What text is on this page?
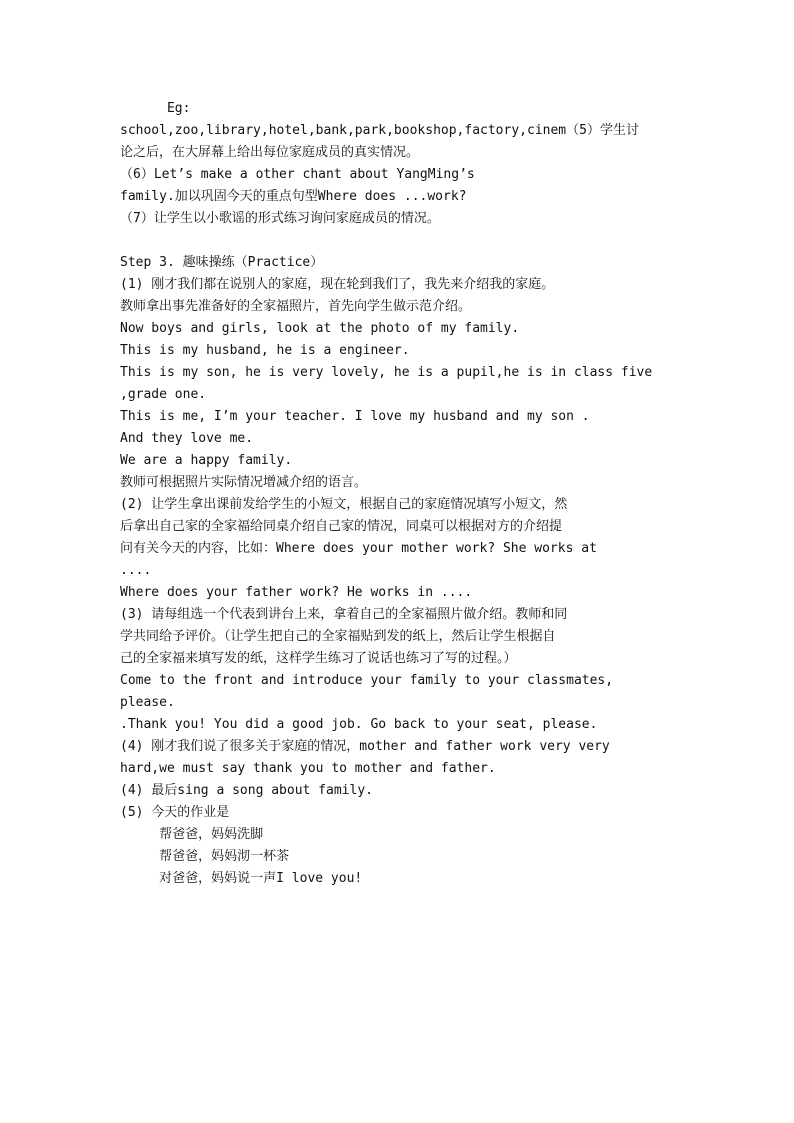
Eg:
school,zoo,library,hotel,bank,park,bookshop,factory,cinem（5）学生讨
论之后，在大屏幕上给出每位家庭成员的真实情况。
（6）Let’s make a other chant about YangMing’s
family.加以巩固今天的重点句型Where does ...work?
（7）让学生以小歌谣的形式练习询问家庭成员的情况。
Step 3. 趣味操练（Practice）
(1) 刚才我们都在说别人的家庭，现在轮到我们了，我先来介绍我的家庭。
教师拿出事先准备好的全家福照片，首先向学生做示范介绍。
Now boys and girls, look at the photo of my family.
This is my husband, he is a engineer.
This is my son, he is very lovely, he is a pupil,he is in class five
,grade one.
This is me, I’m your teacher. I love my husband and my son .
And they love me.
We are a happy family.
教师可根据照片实际情况增减介绍的语言。
(2) 让学生拿出课前发给学生的小短文，根据自己的家庭情况填写小短文，然
后拿出自己家的全家福给同桌介绍自己家的情况，同桌可以根据对方的介绍提
问有关今天的内容，比如：Where does your mother work? She works at
....
Where does your father work? He works in ....
(3) 请每组选一个代表到讲台上来，拿着自己的全家福照片做介绍。教师和同
学共同给予评价。（让学生把自己的全家福贴到发的纸上，然后让学生根据自
己的全家福来填写发的纸，这样学生练习了说话也练习了写的过程。）
Come to the front and introduce your family to your classmates,
please.
.Thank you! You did a good job. Go back to your seat, please.
(4) 刚才我们说了很多关于家庭的情况，mother and father work very very
hard,we must say thank you to mother and father.
(4) 最后sing a song about family.
(5) 今天的作业是
帮爸爸，妈妈洗脚
帮爸爸，妈妈沏一杯茶
对爸爸，妈妈说一声I love you!
